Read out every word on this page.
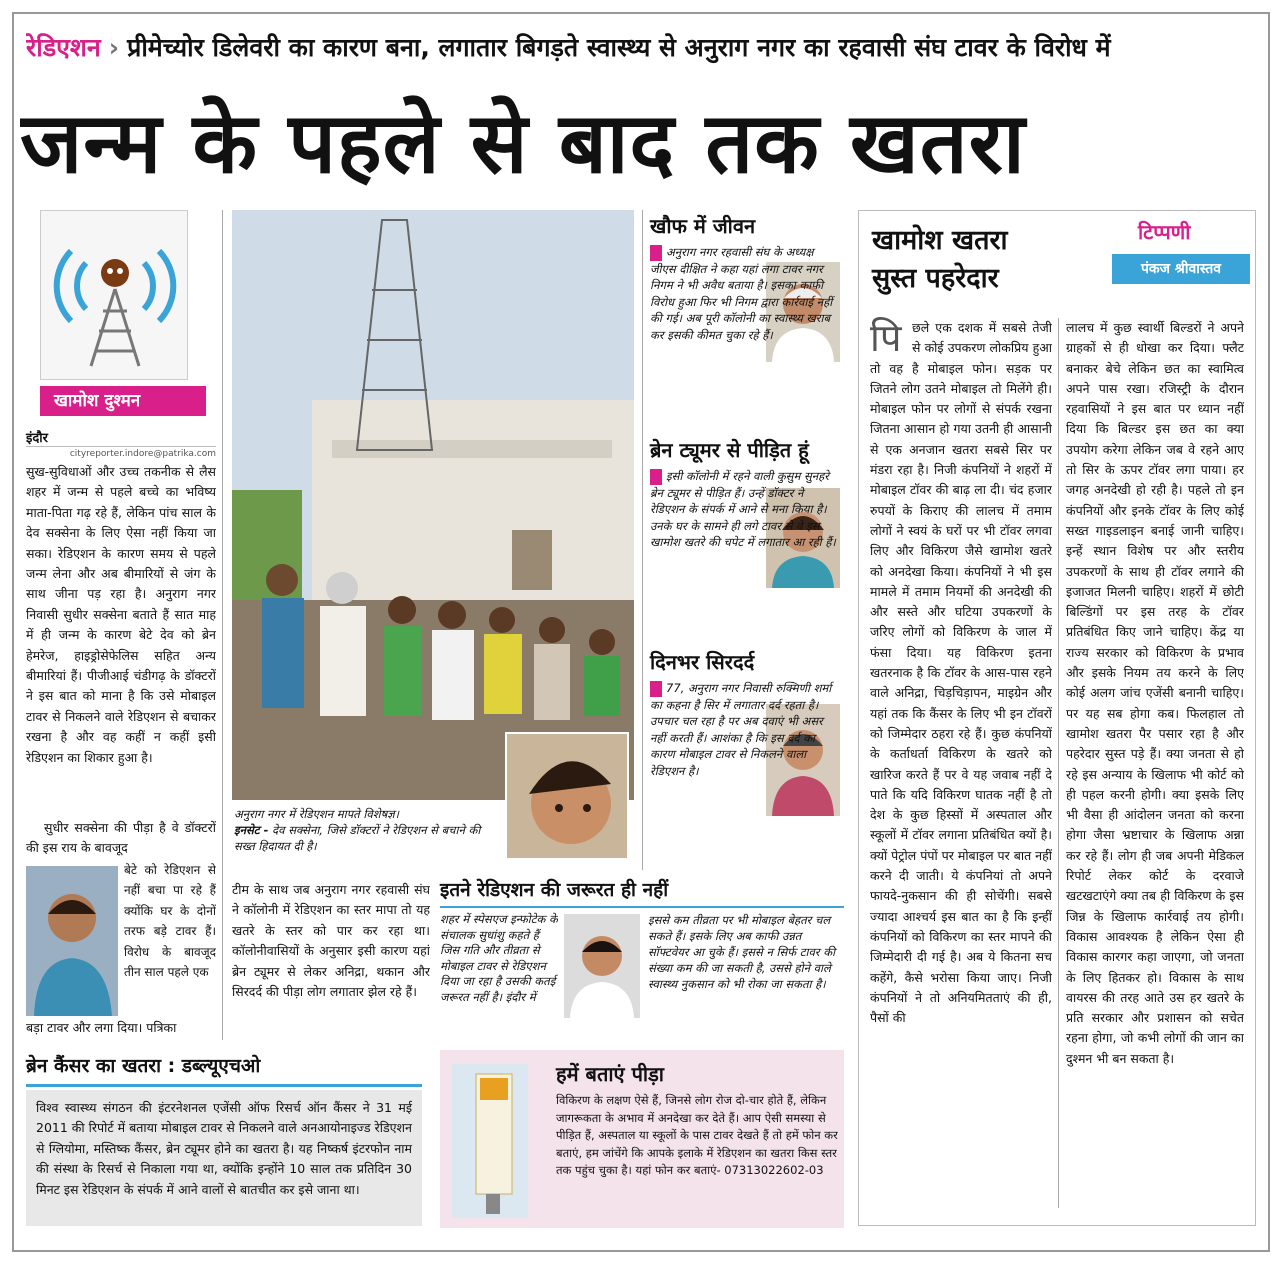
रेडिएशन › प्रीमेच्योर डिलेवरी का कारण बना, लगातार बिगड़ते स्वास्थ्य से अनुराग नगर का रहवासी संघ टावर के विरोध में
जन्म के पहले से बाद तक खतरा
खामोश दुश्मन
इंदौर
cityreporter.indore@patrika.com
सुख-सुविधाओं और उच्च तकनीक से लैस शहर में जन्म से पहले बच्चे का भविष्य माता-पिता गढ़ रहे हैं, लेकिन पांच साल के देव सक्सेना के लिए ऐसा नहीं किया जा सका। रेडिएशन के कारण समय से पहले जन्म लेना और अब बीमारियों से जंग के साथ जीना पड़ रहा है। अनुराग नगर निवासी सुधीर सक्सेना बताते हैं सात माह में ही जन्म के कारण बेटे देव को ब्रेन हेमरेज, हाइड्रोसेफेलिस सहित अन्य बीमारियां हैं। पीजीआई चंडीगढ़ के डॉक्टरों ने इस बात को माना है कि उसे मोबाइल टावर से निकलने वाले रेडिएशन से बचाकर रखना है और वह कहीं न कहीं इसी रेडिएशन का शिकार हुआ है।
सुधीर सक्सेना की पीड़ा है वे डॉक्टरों की इस राय के बावजूद
बेटे को रेडिएशन से नहीं बचा पा रहे हैं क्योंकि घर के दोनों तरफ बड़े टावर हैं। विरोध के बावजूद तीन साल पहले एक
बड़ा टावर और लगा दिया। पत्रिका
अनुराग नगर में रेडिएशन मापते विशेषज्ञ।
इनसेट - देव सक्सेना, जिसे डॉक्टरों ने रेडिएशन से बचाने की सख्त हिदायत दी है।
टीम के साथ जब अनुराग नगर रहवासी संघ ने कॉलोनी में रेडिएशन का स्तर मापा तो यह खतरे के स्तर को पार कर रहा था। कॉलोनीवासियों के अनुसार इसी कारण यहां ब्रेन ट्यूमर से लेकर अनिद्रा, थकान और सिरदर्द की पीड़ा लोग लगातार झेल रहे हैं।
खौफ में जीवन
अनुराग नगर रहवासी संघ के अध्यक्ष जीएस दीक्षित ने कहा यहां लगा टावर नगर निगम ने भी अवैध बताया है। इसका काफी विरोध हुआ फिर भी निगम द्वारा कार्रवाई नहीं की गई। अब पूरी कॉलोनी का स्वास्थ्य खराब कर इसकी कीमत चुका रहे हैं।
ब्रेन ट्यूमर से पीड़ित हूं
इसी कॉलोनी में रहने वाली कुसुम सुनहरे ब्रेन ट्यूमर से पीड़ित हैं। उन्हें डॉक्टर ने रेडिएशन के संपर्क में आने से मना किया है। उनके घर के सामने ही लगे टावर से वे इस खामोश खतरे की चपेट में लगातार आ रही हैं।
दिनभर सिरदर्द
77, अनुराग नगर निवासी रुक्मिणी शर्मा का कहना है सिर में लगातार दर्द रहता है। उपचार चल रहा है पर अब दवाएं भी असर नहीं करती हैं। आशंका है कि इस दर्द का कारण मोबाइल टावर से निकलने वाला रेडिएशन है।
इतने रेडिएशन की जरूरत ही नहीं
शहर में स्पेसएज इन्फोटेक के संचालक सुधांशु कहते हैं जिस गति और तीव्रता से मोबाइल टावर से रेडिएशन दिया जा रहा है उसकी कतई जरूरत नहीं है। इंदौर में
इससे कम तीव्रता पर भी मोबाइल बेहतर चल सकते हैं। इसके लिए अब काफी उन्नत सॉफ्टवेयर आ चुके हैं। इससे न सिर्फ टावर की संख्या कम की जा सकती है, उससे होने वाले स्वास्थ्य नुकसान को भी रोका जा सकता है।
ब्रेन कैंसर का खतरा : डब्ल्यूएचओ
विश्व स्वास्थ्य संगठन की इंटरनेशनल एजेंसी ऑफ रिसर्च ऑन कैंसर ने 31 मई 2011 की रिपोर्ट में बताया मोबाइल टावर से निकलने वाले अनआयोनाइज्ड रेडिएशन से ग्लियोमा, मस्तिष्क कैंसर, ब्रेन ट्यूमर होने का खतरा है। यह निष्कर्ष इंटरफोन नाम की संस्था के रिसर्च से निकाला गया था, क्योंकि इन्होंने 10 साल तक प्रतिदिन 30 मिनट इस रेडिएशन के संपर्क में आने वालों से बातचीत कर इसे जाना था।
हमें बताएं पीड़ा
विकिरण के लक्षण ऐसे हैं, जिनसे लोग रोज दो-चार होते हैं, लेकिन जागरूकता के अभाव में अनदेखा कर देते हैं। आप ऐसी समस्या से पीड़ित हैं, अस्पताल या स्कूलों के पास टावर देखते हैं तो हमें फोन कर बताएं, हम जांचेंगे कि आपके इलाके में रेडिएशन का खतरा किस स्तर तक पहुंच चुका है। यहां फोन कर बताएं- 07313022602-03
खामोश खतरा
सुस्त पहरेदार
टिप्पणी
पंकज श्रीवास्तव
पि छले एक दशक में सबसे तेजी से कोई उपकरण लोकप्रिय हुआ तो वह है मोबाइल फोन। सड़क पर जितने लोग उतने मोबाइल तो मिलेंगे ही। मोबाइल फोन पर लोगों से संपर्क रखना जितना आसान हो गया उतनी ही आसानी से एक अनजान खतरा सबसे सिर पर मंडरा रहा है। निजी कंपनियों ने शहरों में मोबाइल टॉवर की बाढ़ ला दी। चंद हजार रुपयों के किराए की लालच में तमाम लोगों ने स्वयं के घरों पर भी टॉवर लगवा लिए और विकिरण जैसे खामोश खतरे को अनदेखा किया। कंपनियों ने भी इस मामले में तमाम नियमों की अनदेखी की और सस्ते और घटिया उपकरणों के जरिए लोगों को विकिरण के जाल में फंसा दिया। यह विकिरण इतना खतरनाक है कि टॉवर के आस-पास रहने वाले अनिद्रा, चिड़चिड़ापन, माइग्रेन और यहां तक कि कैंसर के लिए भी इन टॉवरों को जिम्मेदार ठहरा रहे हैं। कुछ कंपनियों के कर्ताधर्ता विकिरण के खतरे को खारिज करते हैं पर वे यह जवाब नहीं दे पाते कि यदि विकिरण घातक नहीं है तो देश के कुछ हिस्सों में अस्पताल और स्कूलों में टॉवर लगाना प्रतिबंधित क्यों है। क्यों पेट्रोल पंपों पर मोबाइल पर बात नहीं करने दी जाती। ये कंपनियां तो अपने फायदे-नुकसान की ही सोचेंगी। सबसे ज्यादा आश्चर्य इस बात का है कि इन्हीं कंपनियों को विकिरण का स्तर मापने की जिम्मेदारी दी गई है। अब ये कितना सच कहेंगे, कैसे भरोसा किया जाए। निजी कंपनियों ने तो अनियमितताएं की ही, पैसों की
लालच में कुछ स्वार्थी बिल्डरों ने अपने ग्राहकों से ही धोखा कर दिया। फ्लैट बनाकर बेचे लेकिन छत का स्वामित्व अपने पास रखा। रजिस्ट्री के दौरान रहवासियों ने इस बात पर ध्यान नहीं दिया कि बिल्डर इस छत का क्या उपयोग करेगा लेकिन जब वे रहने आए तो सिर के ऊपर टॉवर लगा पाया। हर जगह अनदेखी हो रही है। पहले तो इन कंपनियों और इनके टॉवर के लिए कोई सख्त गाइडलाइन बनाई जानी चाहिए। इन्हें स्थान विशेष पर और स्तरीय उपकरणों के साथ ही टॉवर लगाने की इजाजत मिलनी चाहिए। शहरों में छोटी बिल्डिंगों पर इस तरह के टॉवर प्रतिबंधित किए जाने चाहिए। केंद्र या राज्य सरकार को विकिरण के प्रभाव और इसके नियम तय करने के लिए कोई अलग जांच एजेंसी बनानी चाहिए। पर यह सब होगा कब। फिलहाल तो खामोश खतरा पैर पसार रहा है और पहरेदार सुस्त पड़े हैं। क्या जनता से हो रहे इस अन्याय के खिलाफ भी कोर्ट को ही पहल करनी होगी। क्या इसके लिए भी वैसा ही आंदोलन जनता को करना होगा जैसा भ्रष्टाचार के खिलाफ अन्ना कर रहे हैं। लोग ही जब अपनी मेडिकल रिपोर्ट लेकर कोर्ट के दरवाजे खटखटाएंगे क्या तब ही विकिरण के इस जिन्न के खिलाफ कार्रवाई तय होगी। विकास आवश्यक है लेकिन ऐसा ही विकास कारगर कहा जाएगा, जो जनता के लिए हितकर हो। विकास के साथ वायरस की तरह आते उस हर खतरे के प्रति सरकार और प्रशासन को सचेत रहना होगा, जो कभी लोगों की जान का दुश्मन भी बन सकता है।
